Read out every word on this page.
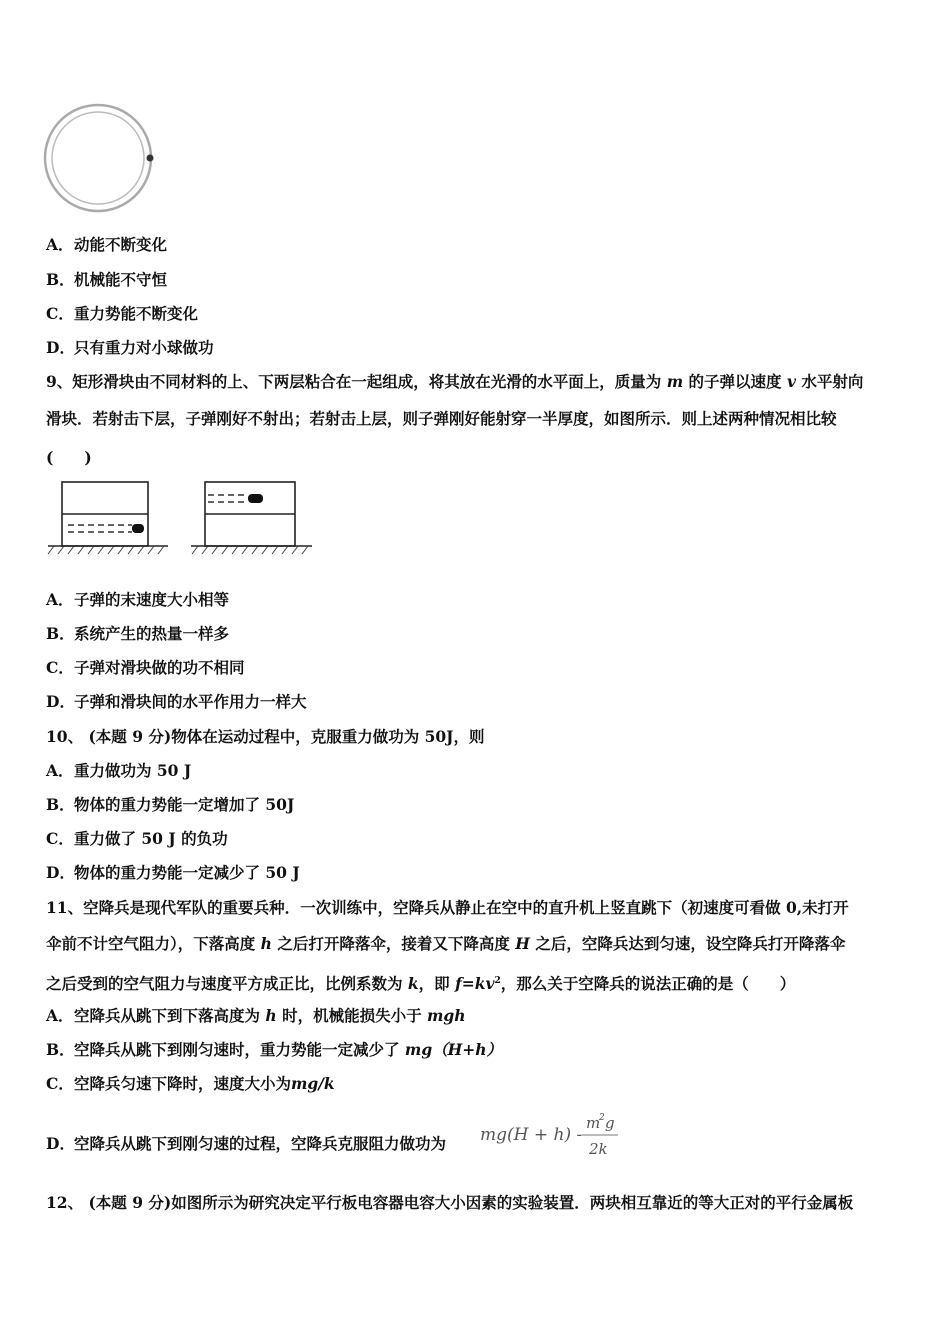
A．动能不断变化
B．机械能不守恒
C．重力势能不断变化
D．只有重力对小球做功
9、矩形滑块由不同材料的上、下两层粘合在一起组成，将其放在光滑的水平面上，质量为 m 的子弹以速度 v 水平射向
滑块．若射击下层，子弹刚好不射出；若射击上层，则子弹刚好能射穿一半厚度，如图所示．则上述两种情况相比较
(　　)
A．子弹的末速度大小相等
B．系统产生的热量一样多
C．子弹对滑块做的功不相同
D．子弹和滑块间的水平作用力一样大
10、 (本题 9 分)物体在运动过程中，克服重力做功为 50J，则
A．重力做功为 50 J
B．物体的重力势能一定增加了 50J
C．重力做了 50 J 的负功
D．物体的重力势能一定减少了 50 J
11、空降兵是现代军队的重要兵种．一次训练中，空降兵从静止在空中的直升机上竖直跳下（初速度可看做 0,未打开
伞前不计空气阻力），下落高度 h 之后打开降落伞，接着又下降高度 H 之后，空降兵达到匀速，设空降兵打开降落伞
之后受到的空气阻力与速度平方成正比，比例系数为 k，即 $f=kv^2$，那么关于空降兵的说法正确的是（　　）
A．空降兵从跳下到下落高度为 h 时，机械能损失小于 mgh
B．空降兵从跳下到刚匀速时，重力势能一定减少了 mg（H+h）
C．空降兵匀速下降时，速度大小为mg/k
D．空降兵从跳下到刚匀速的过程，空降兵克服阻力做功为 mg(H + h) -
m
2 g
2k
12、 (本题 9 分)如图所示为研究决定平行板电容器电容大小因素的实验装置．两块相互靠近的等大正对的平行金属板
